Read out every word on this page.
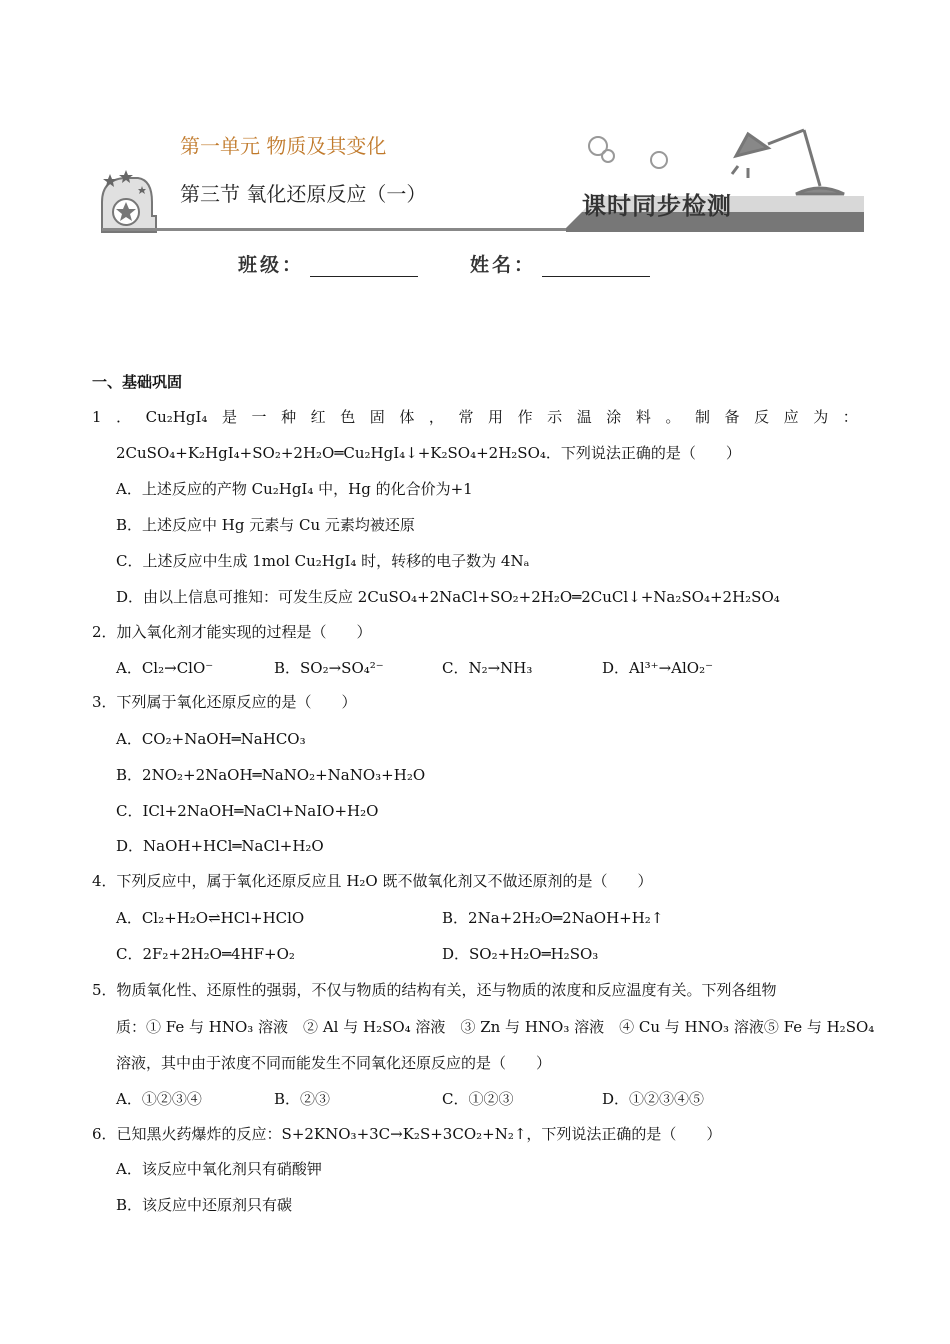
第一单元 物质及其变化
第三节 氧化还原反应（一）	课时同步检测
班级：	姓名：
一、基础巩固
1 ． Cu₂HgI₄ 是 一 种 红 色 固 体 ， 常 用 作 示 温 涂 料 。 制 备 反 应 为 ：
2CuSO₄+K₂HgI₄+SO₂+2H₂O═Cu₂HgI₄↓+K₂SO₄+2H₂SO₄．下列说法正确的是（　　）
A．上述反应的产物 Cu₂HgI₄ 中，Hg 的化合价为+1
B．上述反应中 Hg 元素与 Cu 元素均被还原
C．上述反应中生成 1mol Cu₂HgI₄ 时，转移的电子数为 4Nₐ
D．由以上信息可推知：可发生反应 2CuSO₄+2NaCl+SO₂+2H₂O═2CuCl↓+Na₂SO₄+2H₂SO₄
2．加入氧化剂才能实现的过程是（　　）
A．Cl₂→ClO⁻	B．SO₂→SO₄²⁻	C．N₂→NH₃	D．Al³⁺→AlO₂⁻
3．下列属于氧化还原反应的是（　　）
A．CO₂+NaOH═NaHCO₃
B．2NO₂+2NaOH═NaNO₂+NaNO₃+H₂O
C．ICl+2NaOH═NaCl+NaIO+H₂O
D．NaOH+HCl═NaCl+H₂O
4．下列反应中，属于氧化还原反应且 H₂O 既不做氧化剂又不做还原剂的是（　　）
A．Cl₂+H₂O⇌HCl+HClO	B．2Na+2H₂O═2NaOH+H₂↑
C．2F₂+2H₂O═4HF+O₂	D．SO₂+H₂O═H₂SO₃
5．物质氧化性、还原性的强弱，不仅与物质的结构有关，还与物质的浓度和反应温度有关。下列各组物
质：① Fe 与 HNO₃ 溶液　② Al 与 H₂SO₄ 溶液　③ Zn 与 HNO₃ 溶液　④ Cu 与 HNO₃ 溶液⑤ Fe 与 H₂SO₄
溶液，其中由于浓度不同而能发生不同氧化还原反应的是（　　）
A．①②③④	B．②③	C．①②③	D．①②③④⑤
6．已知黑火药爆炸的反应：S+2KNO₃+3C→K₂S+3CO₂+N₂↑，下列说法正确的是（　　）
A．该反应中氧化剂只有硝酸钾
B．该反应中还原剂只有碳
